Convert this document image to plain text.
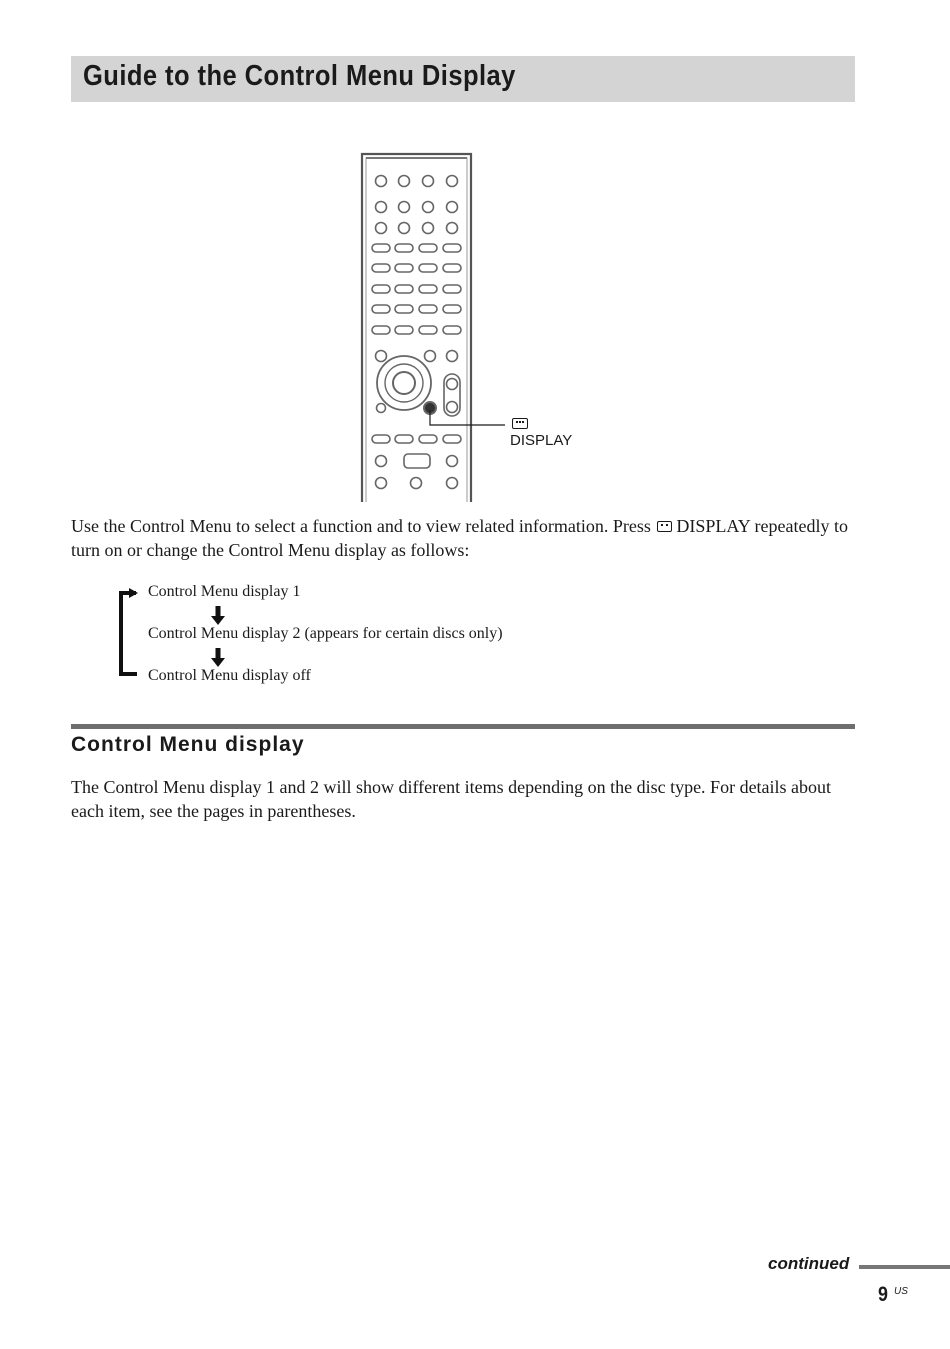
Guide to the Control Menu Display
DISPLAY
Use the Control Menu to select a function and to view related information. Press DISPLAY repeatedly to turn on or change the Control Menu display as follows:
Control Menu display 1
Control Menu display 2 (appears for certain discs only)
Control Menu display off
Control Menu display
The Control Menu display 1 and 2 will show different items depending on the disc type. For details about each item, see the pages in parentheses.
continued
9 US
